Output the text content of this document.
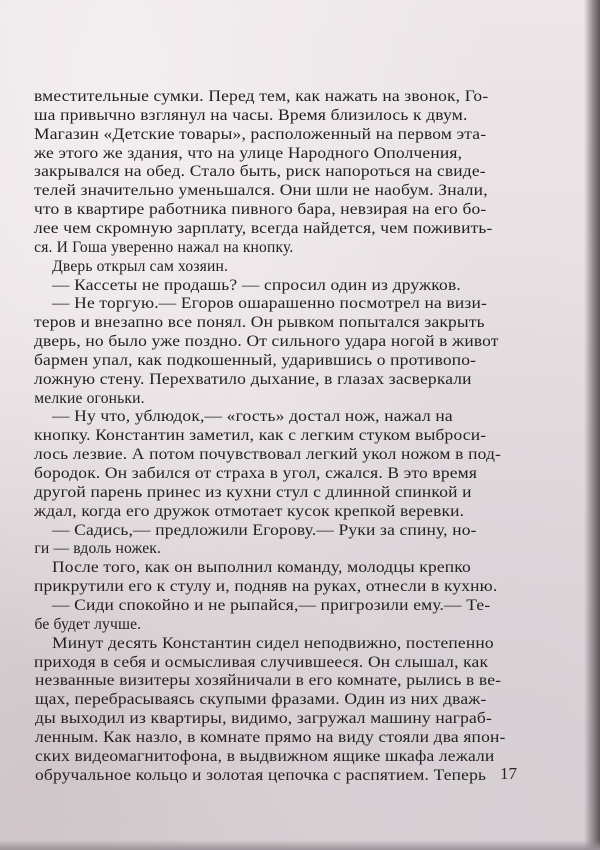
вместительные сумки. Перед тем, как нажать на звонок, Го-
ша привычно взглянул на часы. Время близилось к двум.
Магазин «Детские товары», расположенный на первом эта-
же этого же здания, что на улице Народного Ополчения,
закрывался на обед. Стало быть, риск напороться на свиде-
телей значительно уменьшался. Они шли не наобум. Знали,
что в квартире работника пивного бара, невзирая на его бо-
лее чем скромную зарплату, всегда найдется, чем поживить-
ся. И Гоша уверенно нажал на кнопку.
Дверь открыл сам хозяин.
— Кассеты не продашь? — спросил один из дружков.
— Не торгую.— Егоров ошарашенно посмотрел на визи-
теров и внезапно все понял. Он рывком попытался закрыть
дверь, но было уже поздно. От сильного удара ногой в живот
бармен упал, как подкошенный, ударившись о противопо-
ложную стену. Перехватило дыхание, в глазах засверкали
мелкие огоньки.
— Ну что, ублюдок,— «гость» достал нож, нажал на
кнопку. Константин заметил, как с легким стуком выброси-
лось лезвие. А потом почувствовал легкий укол ножом в под-
бородок. Он забился от страха в угол, сжался. В это время
другой парень принес из кухни стул с длинной спинкой и
ждал, когда его дружок отмотает кусок крепкой веревки.
— Садись,— предложили Егорову.— Руки за спину, но-
ги — вдоль ножек.
После того, как он выполнил команду, молодцы крепко
прикрутили его к стулу и, подняв на руках, отнесли в кухню.
— Сиди спокойно и не рыпайся,— пригрозили ему.— Те-
бе будет лучше.
Минут десять Константин сидел неподвижно, постепенно
приходя в себя и осмысливая случившееся. Он слышал, как
незванные визитеры хозяйничали в его комнате, рылись в ве-
щах, перебрасываясь скупыми фразами. Один из них дваж-
ды выходил из квартиры, видимо, загружал машину награб-
ленным. Как назло, в комнате прямо на виду стояли два япон-
ских видеомагнитофона, в выдвижном ящике шкафа лежали
обручальное кольцо и золотая цепочка с распятием. Теперь 17
